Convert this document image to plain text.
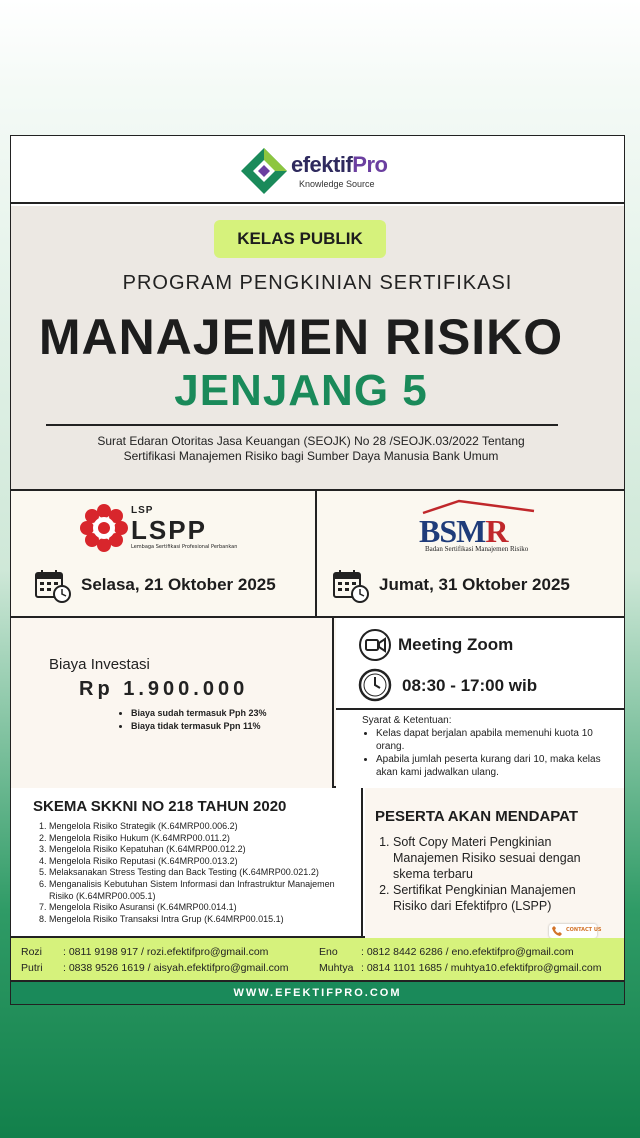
efektifPro
Knowledge Source
KELAS PUBLIK
PROGRAM PENGKINIAN SERTIFIKASI
MANAJEMEN RISIKO
JENJANG 5
Surat Edaran Otoritas Jasa Keuangan (SEOJK) No 28 /SEOJK.03/2022 Tentang
Sertifikasi Manajemen Risiko bagi Sumber Daya Manusia Bank Umum
LSP
LSPP
Lembaga Sertifikasi Profesional Perbankan
Selasa, 21 Oktober 2025
BSMR
Badan Sertifikasi Manajemen Risiko
Jumat, 31 Oktober 2025
Biaya Investasi
Rp 1.900.000
• Biaya sudah termasuk Pph 23%
• Biaya tidak termasuk Ppn 11%
Meeting Zoom
08:30 - 17:00 wib
Syarat & Ketentuan:
• Kelas dapat berjalan apabila memenuhi kuota 10 orang.
• Apabila jumlah peserta kurang dari 10, maka kelas akan kami jadwalkan ulang.
SKEMA SKKNI NO 218 TAHUN 2020
1. Mengelola Risiko Strategik (K.64MRP00.006.2)
2. Mengelola Risiko Hukum (K.64MRP00.011.2)
3. Mengelola Risiko Kepatuhan (K.64MRP00.012.2)
4. Mengelola Risiko Reputasi (K.64MRP00.013.2)
5. Melaksanakan Stress Testing dan Back Testing (K.64MRP00.021.2)
6. Menganalisis Kebutuhan Sistem Informasi dan Infrastruktur Manajemen Risiko (K.64MRP00.005.1)
7. Mengelola Risiko Asuransi (K.64MRP00.014.1)
8. Mengelola Risiko Transaksi Intra Grup (K.64MRP00.015.1)
PESERTA AKAN MENDAPAT
1. Soft Copy Materi Pengkinian Manajemen Risiko sesuai dengan skema terbaru
2. Sertifikat Pengkinian Manajemen Risiko dari Efektifpro (LSPP)
CONTACT US
Rozi : 0811 9198 917 / rozi.efektifpro@gmail.com
Putri : 0838 9526 1619 / aisyah.efektifpro@gmail.com
Eno : 0812 8442 6286 / eno.efektifpro@gmail.com
Muhtya : 0814 1101 1685 / muhtya10.efektifpro@gmail.com
WWW.EFEKTIFPRO.COM
